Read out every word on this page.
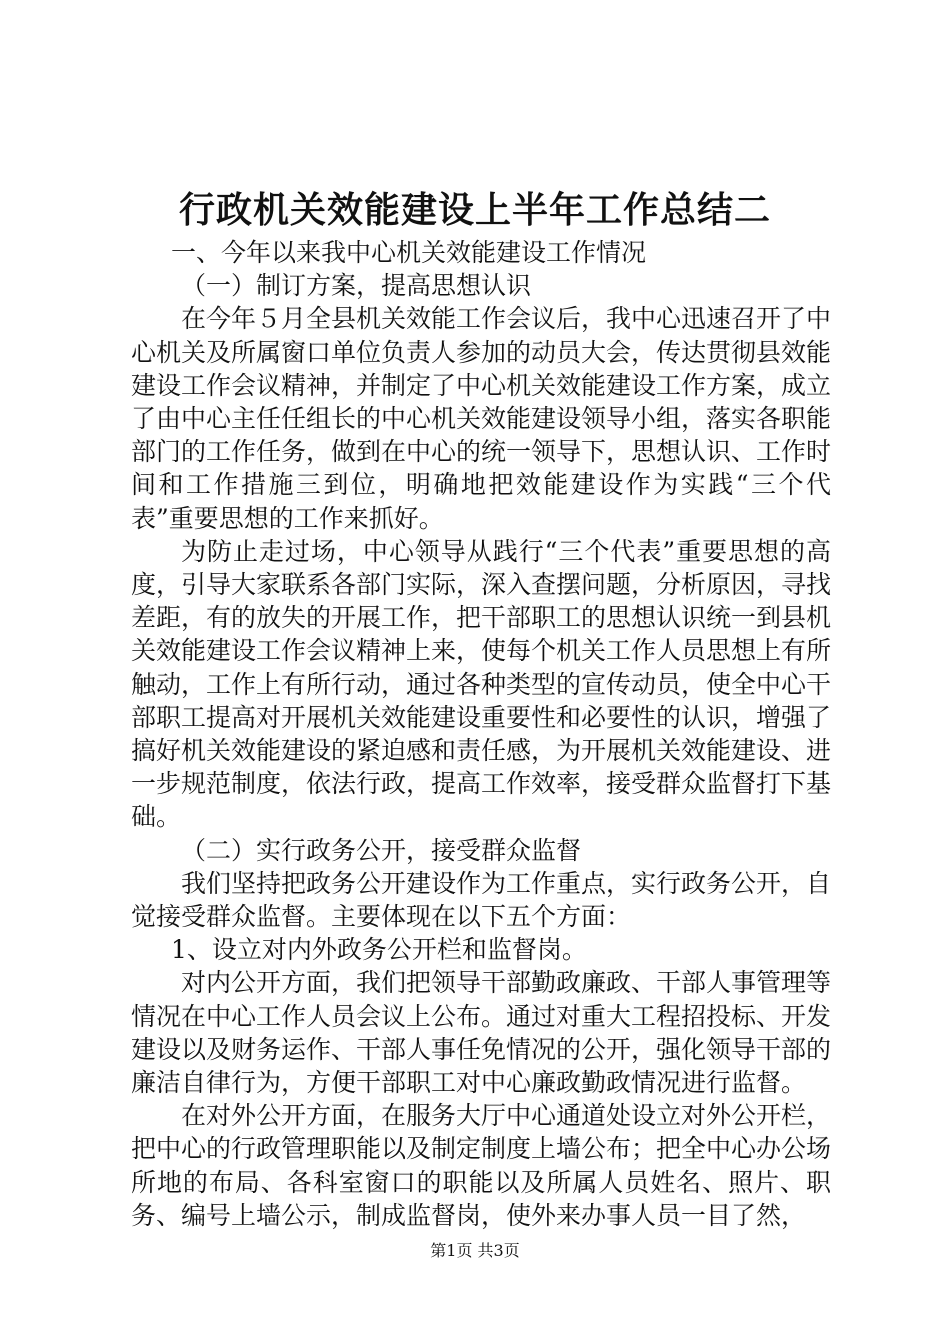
行政机关效能建设上半年工作总结二

一、今年以来我中心机关效能建设工作情况

（一）制订方案，提高思想认识

在今年５月全县机关效能工作会议后，我中心迅速召开了中心机关及所属窗口单位负责人参加的动员大会，传达贯彻县效能建设工作会议精神，并制定了中心机关效能建设工作方案，成立了由中心主任任组长的中心机关效能建设领导小组，落实各职能部门的工作任务，做到在中心的统一领导下，思想认识、工作时间和工作措施三到位，明确地把效能建设作为实践“三个代表”重要思想的工作来抓好。

为防止走过场，中心领导从践行“三个代表”重要思想的高度，引导大家联系各部门实际，深入查摆问题，分析原因，寻找差距，有的放失的开展工作，把干部职工的思想认识统一到县机关效能建设工作会议精神上来，使每个机关工作人员思想上有所触动，工作上有所行动，通过各种类型的宣传动员，使全中心干部职工提高对开展机关效能建设重要性和必要性的认识，增强了搞好机关效能建设的紧迫感和责任感，为开展机关效能建设、进一步规范制度，依法行政，提高工作效率，接受群众监督打下基础。

（二）实行政务公开，接受群众监督

我们坚持把政务公开建设作为工作重点，实行政务公开，自觉接受群众监督。主要体现在以下五个方面：

1、设立对内外政务公开栏和监督岗。

对内公开方面，我们把领导干部勤政廉政、干部人事管理等情况在中心工作人员会议上公布。通过对重大工程招投标、开发建设以及财务运作、干部人事任免情况的公开，强化领导干部的廉洁自律行为，方便干部职工对中心廉政勤政情况进行监督。

在对外公开方面，在服务大厅中心通道处设立对外公开栏，把中心的行政管理职能以及制定制度上墙公布；把全中心办公场所地的布局、各科室窗口的职能以及所属人员姓名、照片、职务、编号上墙公示，制成监督岗，使外来办事人员一目了然，

第1页 共3页
